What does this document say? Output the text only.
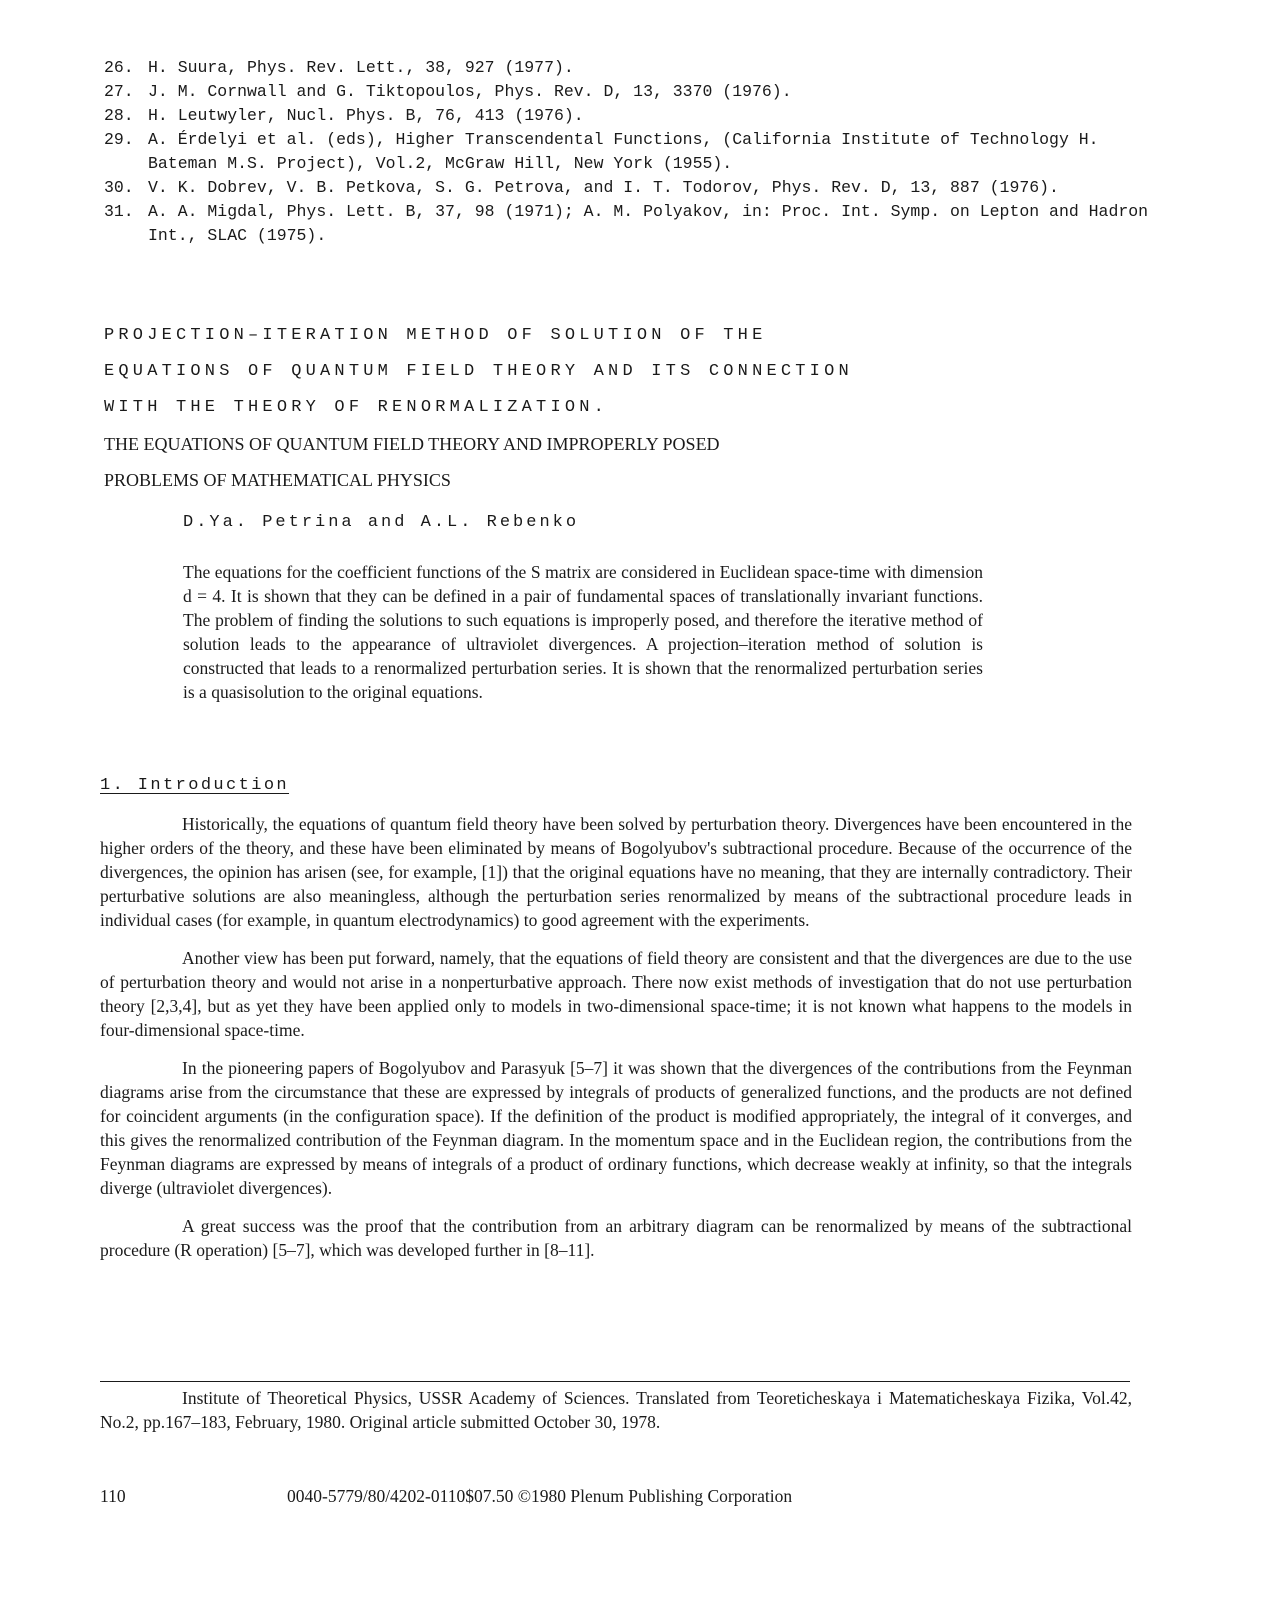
26. H. Suura, Phys. Rev. Lett., 38, 927 (1977).
27. J. M. Cornwall and G. Tiktopoulos, Phys. Rev. D, 13, 3370 (1976).
28. H. Leutwyler, Nucl. Phys. B, 76, 413 (1976).
29. A. Érdelyi et al. (eds), Higher Transcendental Functions, (California Institute of Technology H. Bateman M.S. Project), Vol.2, McGraw Hill, New York (1955).
30. V. K. Dobrev, V. B. Petkova, S. G. Petrova, and I. T. Todorov, Phys. Rev. D, 13, 887 (1976).
31. A. A. Migdal, Phys. Lett. B, 37, 98 (1971); A. M. Polyakov, in: Proc. Int. Symp. on Lepton and Hadron Int., SLAC (1975).
PROJECTION–ITERATION METHOD OF SOLUTION OF THE
EQUATIONS OF QUANTUM FIELD THEORY AND ITS CONNECTION
WITH THE THEORY OF RENORMALIZATION.
THE EQUATIONS OF QUANTUM FIELD THEORY AND IMPROPERLY POSED
PROBLEMS OF MATHEMATICAL PHYSICS
D.Ya. Petrina and A.L. Rebenko
The equations for the coefficient functions of the S matrix are considered in Euclidean space-time with dimension d = 4. It is shown that they can be defined in a pair of fundamental spaces of translationally invariant functions. The problem of finding the solutions to such equations is improperly posed, and therefore the iterative method of solution leads to the appearance of ultraviolet divergences. A projection–iteration method of solution is constructed that leads to a renormalized perturbation series. It is shown that the renormalized perturbation series is a quasisolution to the original equations.
1. Introduction

Historically, the equations of quantum field theory have been solved by perturbation theory. Divergences have been encountered in the higher orders of the theory, and these have been eliminated by means of Bogolyubov's subtractional procedure. Because of the occurrence of the divergences, the opinion has arisen (see, for example, [1]) that the original equations have no meaning, that they are internally contradictory. Their perturbative solutions are also meaningless, although the perturbation series renormalized by means of the subtractional procedure leads in individual cases (for example, in quantum electrodynamics) to good agreement with the experiments.

Another view has been put forward, namely, that the equations of field theory are consistent and that the divergences are due to the use of perturbation theory and would not arise in a nonperturbative approach. There now exist methods of investigation that do not use perturbation theory [2,3,4], but as yet they have been applied only to models in two-dimensional space-time; it is not known what happens to the models in four-dimensional space-time.

In the pioneering papers of Bogolyubov and Parasyuk [5–7] it was shown that the divergences of the contributions from the Feynman diagrams arise from the circumstance that these are expressed by integrals of products of generalized functions, and the products are not defined for coincident arguments (in the configuration space). If the definition of the product is modified appropriately, the integral of it converges, and this gives the renormalized contribution of the Feynman diagram. In the momentum space and in the Euclidean region, the contributions from the Feynman diagrams are expressed by means of integrals of a product of ordinary functions, which decrease weakly at infinity, so that the integrals diverge (ultraviolet divergences).

A great success was the proof that the contribution from an arbitrary diagram can be renormalized by means of the subtractional procedure (R operation) [5–7], which was developed further in [8–11].

Institute of Theoretical Physics, USSR Academy of Sciences. Translated from Teoreticheskaya i Matematicheskaya Fizika, Vol.42, No.2, pp.167–183, February, 1980. Original article submitted October 30, 1978.
110	0040-5779/80/4202-0110$07.50 ©1980 Plenum Publishing Corporation
